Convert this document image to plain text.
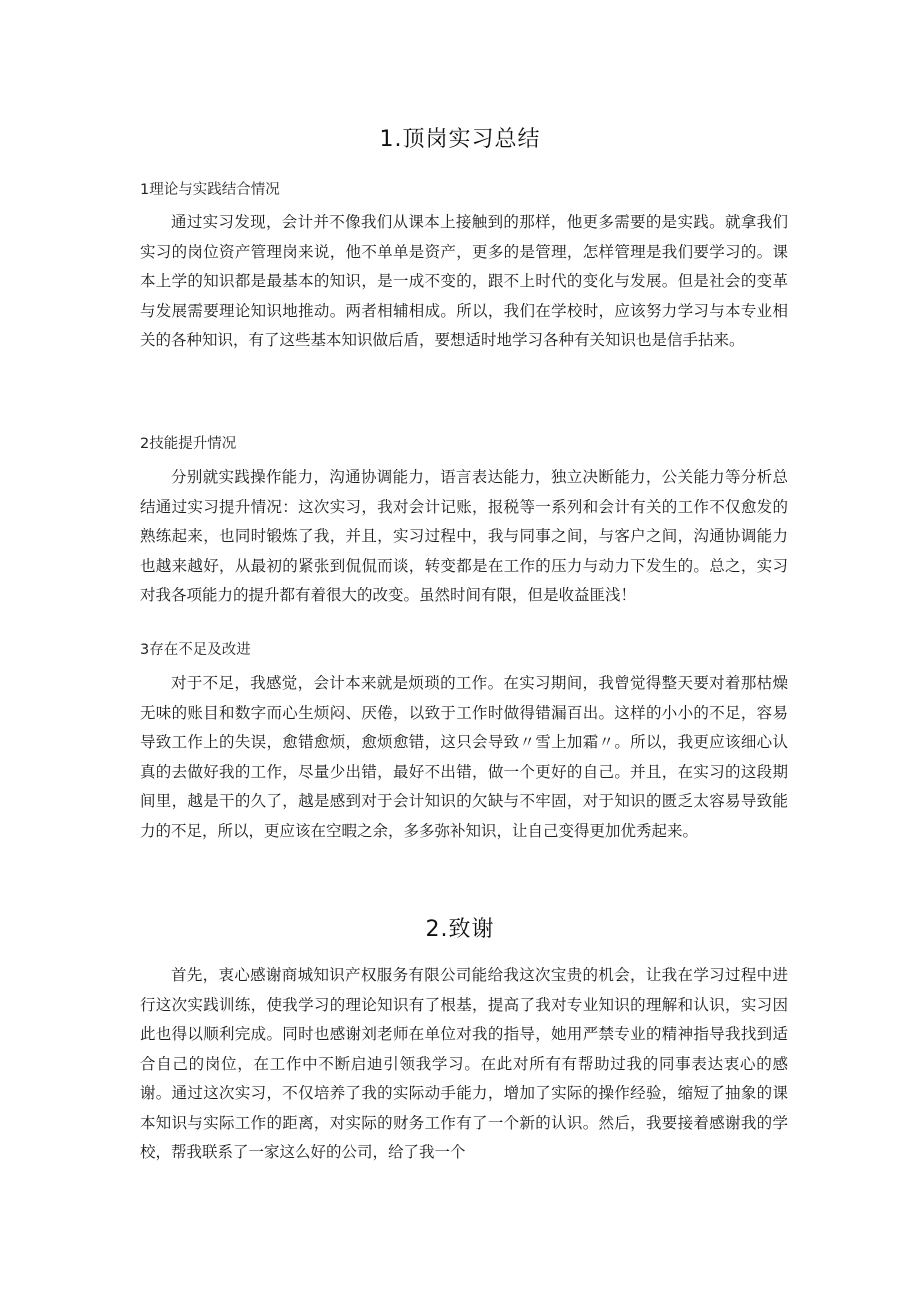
1.顶岗实习总结
1理论与实践结合情况

通过实习发现，会计并不像我们从课本上接触到的那样，他更多需要的是实践。就拿我们实习的岗位资产管理岗来说，他不单单是资产，更多的是管理，怎样管理是我们要学习的。课本上学的知识都是最基本的知识，是一成不变的，跟不上时代的变化与发展。但是社会的变革与发展需要理论知识地推动。两者相辅相成。所以，我们在学校时，应该努力学习与本专业相关的各种知识，有了这些基本知识做后盾，要想适时地学习各种有关知识也是信手拈来。

2技能提升情况

分别就实践操作能力，沟通协调能力，语言表达能力，独立决断能力，公关能力等分析总结通过实习提升情况：这次实习，我对会计记账，报税等一系列和会计有关的工作不仅愈发的熟练起来，也同时锻炼了我，并且，实习过程中，我与同事之间，与客户之间，沟通协调能力也越来越好，从最初的紧张到侃侃而谈，转变都是在工作的压力与动力下发生的。总之，实习对我各项能力的提升都有着很大的改变。虽然时间有限，但是收益匪浅！

3存在不足及改进

对于不足，我感觉，会计本来就是烦琐的工作。在实习期间，我曾觉得整天要对着那枯燥无味的账目和数字而心生烦闷、厌倦，以致于工作时做得错漏百出。这样的小小的不足，容易导致工作上的失误，愈错愈烦，愈烦愈错，这只会导致〃雪上加霜〃。所以，我更应该细心认真的去做好我的工作，尽量少出错，最好不出错，做一个更好的自己。并且，在实习的这段期间里，越是干的久了，越是感到对于会计知识的欠缺与不牢固，对于知识的匮乏太容易导致能力的不足，所以，更应该在空暇之余，多多弥补知识，让自己变得更加优秀起来。

2.致谢

首先，衷心感谢商城知识产权服务有限公司能给我这次宝贵的机会，让我在学习过程中进行这次实践训练，使我学习的理论知识有了根基，提高了我对专业知识的理解和认识，实习因此也得以顺利完成。同时也感谢刘老师在单位对我的指导，她用严禁专业的精神指导我找到适合自己的岗位，在工作中不断启迪引领我学习。在此对所有有帮助过我的同事表达衷心的感谢。通过这次实习，不仅培养了我的实际动手能力，增加了实际的操作经验，缩短了抽象的课本知识与实际工作的距离，对实际的财务工作有了一个新的认识。然后，我要接着感谢我的学校，帮我联系了一家这么好的公司，给了我一个
